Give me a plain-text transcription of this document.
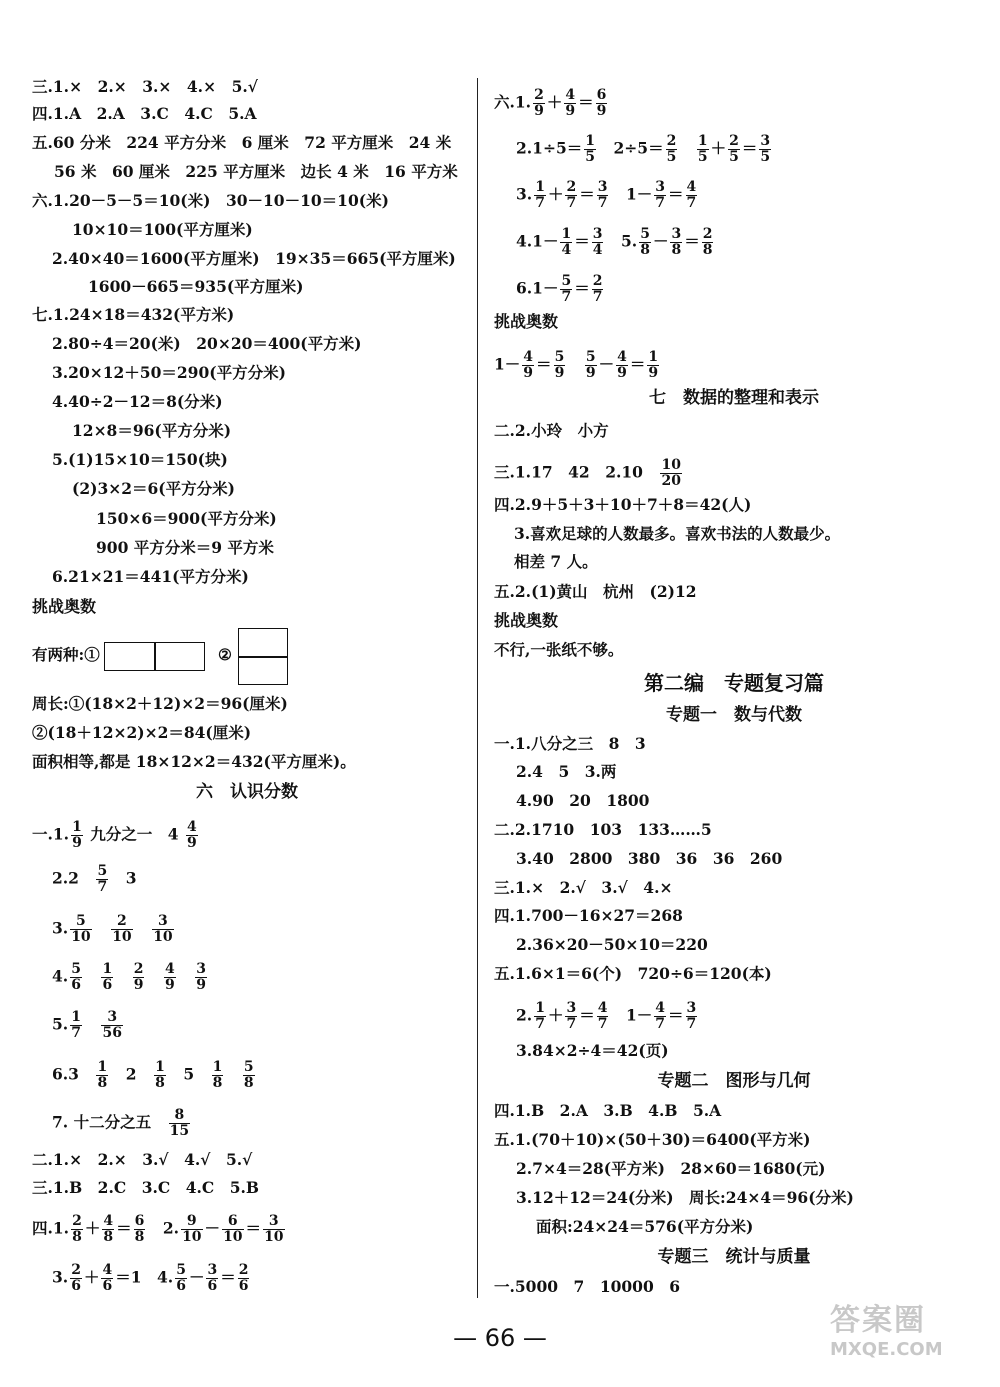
三.1.×　2.×　3.×　4.×　5.√
四.1.A　2.A　3.C　4.C　5.A
五.60 分米　224 平方分米　6 厘米　72 平方厘米　24 米
56 米　60 厘米　225 平方厘米　边长 4 米　16 平方米
六.1.20－5－5＝10(米)　30－10－10＝10(米)
10×10＝100(平方厘米)
2.40×40＝1600(平方厘米)　19×35＝665(平方厘米)
1600－665＝935(平方厘米)
七.1.24×18＝432(平方米)
2.80÷4＝20(米)　20×20＝400(平方米)
3.20×12＋50＝290(平方分米)
4.40÷2－12＝8(分米)
12×8＝96(平方分米)
5.(1)15×10＝150(块)
(2)3×2＝6(平方分米)
150×6＝900(平方分米)
900 平方分米＝9 平方米
6.21×21＝441(平方分米)
挑战奥数
有两种:①	②
周长:①(18×2＋12)×2＝96(厘米)
②(18＋12×2)×2＝84(厘米)
面积相等,都是 18×12×2＝432(平方厘米)。
六　认识分数
一.1. $\frac{1}{9}$ 九分之一　$4 \frac{4}{9}$
2.2　 $\frac{5}{7}$
　 3
3. $\frac{5}{10}$
　 $\frac{2}{10}$
　 $\frac{3}{10}$
4. $\frac{5}{6}$
　 $\frac{1}{6}$
　 $\frac{2}{9}$
　 $\frac{4}{9}$
　 $\frac{3}{9}$
5. $\frac{1}{7}$
　 $\frac{3}{56}$
6.3　 $\frac{1}{8}$
　 2　 $\frac{1}{8}$
　 5　 $\frac{1}{8}$
　 $\frac{5}{8}$
7. 十二分之五　 $\frac{8}{15}$
二.1.×　2.×　3.√　4.√　5.√
三.1.B　2.C　3.C　4.C　5.B
四.1. $\frac{2}{8} + \frac{4}{8} = \frac{6}{8}$
　 2. $\frac{9}{10} - \frac{6}{10} = \frac{3}{10}$
3. $\frac{2}{6} + \frac{4}{6} =1$　4. $\frac{5}{6} - \frac{3}{6} = \frac{2}{6}$
六.1. $\frac{2}{9} + \frac{4}{9} = \frac{6}{9}$
$2.1\div 5= \frac{1}{5}$
　 $2\div 5= \frac{2}{5}$
　 $\frac{1}{5} + \frac{2}{5} = \frac{3}{5}$
3. $\frac{1}{7} + \frac{2}{7} = \frac{3}{7}$ 　$1- \frac{3}{7} = \frac{4}{7}$
$4.1- \frac{1}{4} = \frac{3}{4}$
　 5. $\frac{5}{8} - \frac{3}{8} = \frac{2}{8}$
$6.1- \frac{5}{7} = \frac{2}{7}$
挑战奥数
$1- \frac{4}{9} = \frac{5}{9}$
　 $\frac{5}{9} - \frac{4}{9} = \frac{1}{9}$
七　数据的整理和表示
二.2.小玲　小方
三.1.17　42　2.10　 $\frac{10}{20}$
四.2.9＋5＋3＋10＋7＋8＝42(人)
3.喜欢足球的人数最多。喜欢书法的人数最少。
相差 7 人。
五.2.(1)黄山　杭州　(2)12
挑战奥数
不行,一张纸不够。
第二编　专题复习篇
专题一　数与代数
一.1.八分之三　8　3
2.4　5　3.两
4.90　20　1800
二.2.1710　103　133……5
3.40　2800　380　36　36　260
三.1.×　2.√　3.√　4.×
四.1.700－16×27＝268
2.36×20－50×10＝220
五.1.6×1＝6(个)　720÷6＝120(本)
2. $\frac{1}{7} + \frac{3}{7} = \frac{4}{7}$ 　$1- \frac{4}{7} = \frac{3}{7}$
3.84×2÷4＝42(页)
专题二　图形与几何
四.1.B　2.A　3.B　4.B　5.A
五.1.(70＋10)×(50＋30)＝6400(平方米)
2.7×4＝28(平方米)　28×60＝1680(元)
3.12＋12＝24(分米)　周长:24×4＝96(分米)
面积:24×24＝576(平方分米)
专题三　统计与质量
一.5000　7　10000　6
— 66 —	答案圈
MXQE.COM
